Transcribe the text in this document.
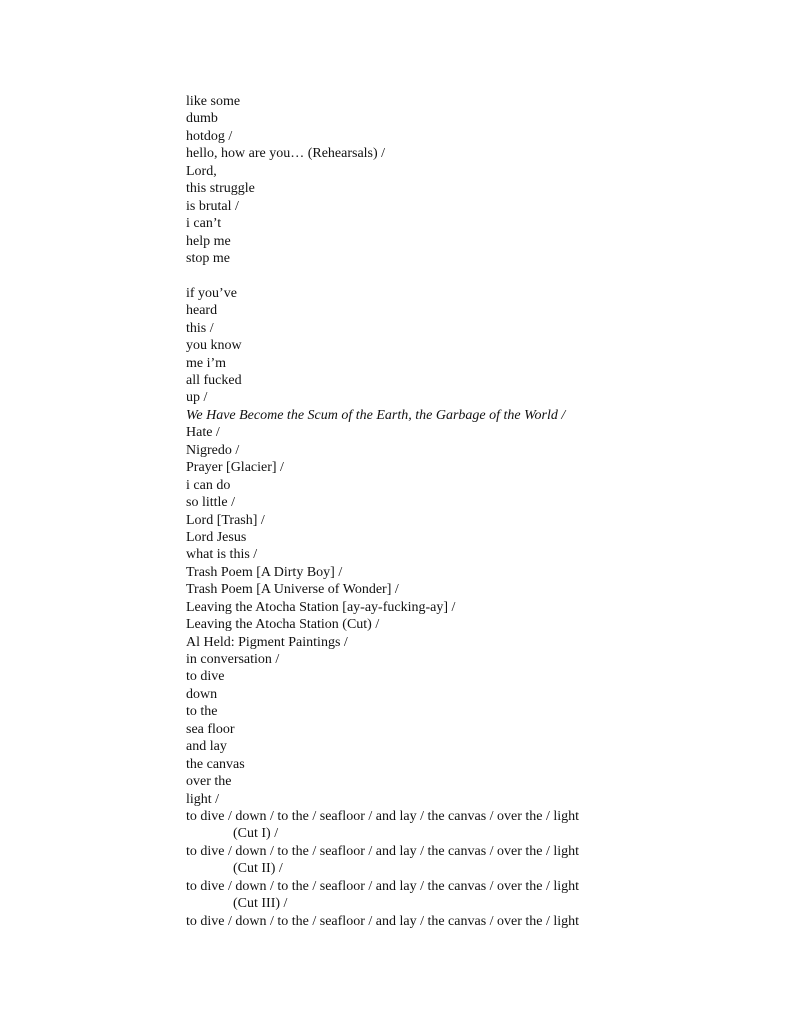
like some
dumb
hotdog /
hello, how are you… (Rehearsals) /
Lord,
this struggle
is brutal /
i can’t
help me
stop me
if you’ve
heard
this /
you know
me i’m
all fucked
up /
We Have Become the Scum of the Earth, the Garbage of the World /
Hate /
Nigredo /
Prayer [Glacier] /
i can do
so little /
Lord [Trash] /
Lord Jesus
what is this /
Trash Poem [A Dirty Boy] /
Trash Poem [A Universe of Wonder] /
Leaving the Atocha Station [ay-ay-fucking-ay] /
Leaving the Atocha Station (Cut) /
Al Held: Pigment Paintings /
in conversation /
to dive
down
to the
sea floor
and lay
the canvas
over the
light /
to dive / down / to the / seafloor / and lay / the canvas / over the / light
(Cut I) /
to dive / down / to the / seafloor / and lay / the canvas / over the / light
(Cut II) /
to dive / down / to the / seafloor / and lay / the canvas / over the / light
(Cut III) /
to dive / down / to the / seafloor / and lay / the canvas / over the / light
